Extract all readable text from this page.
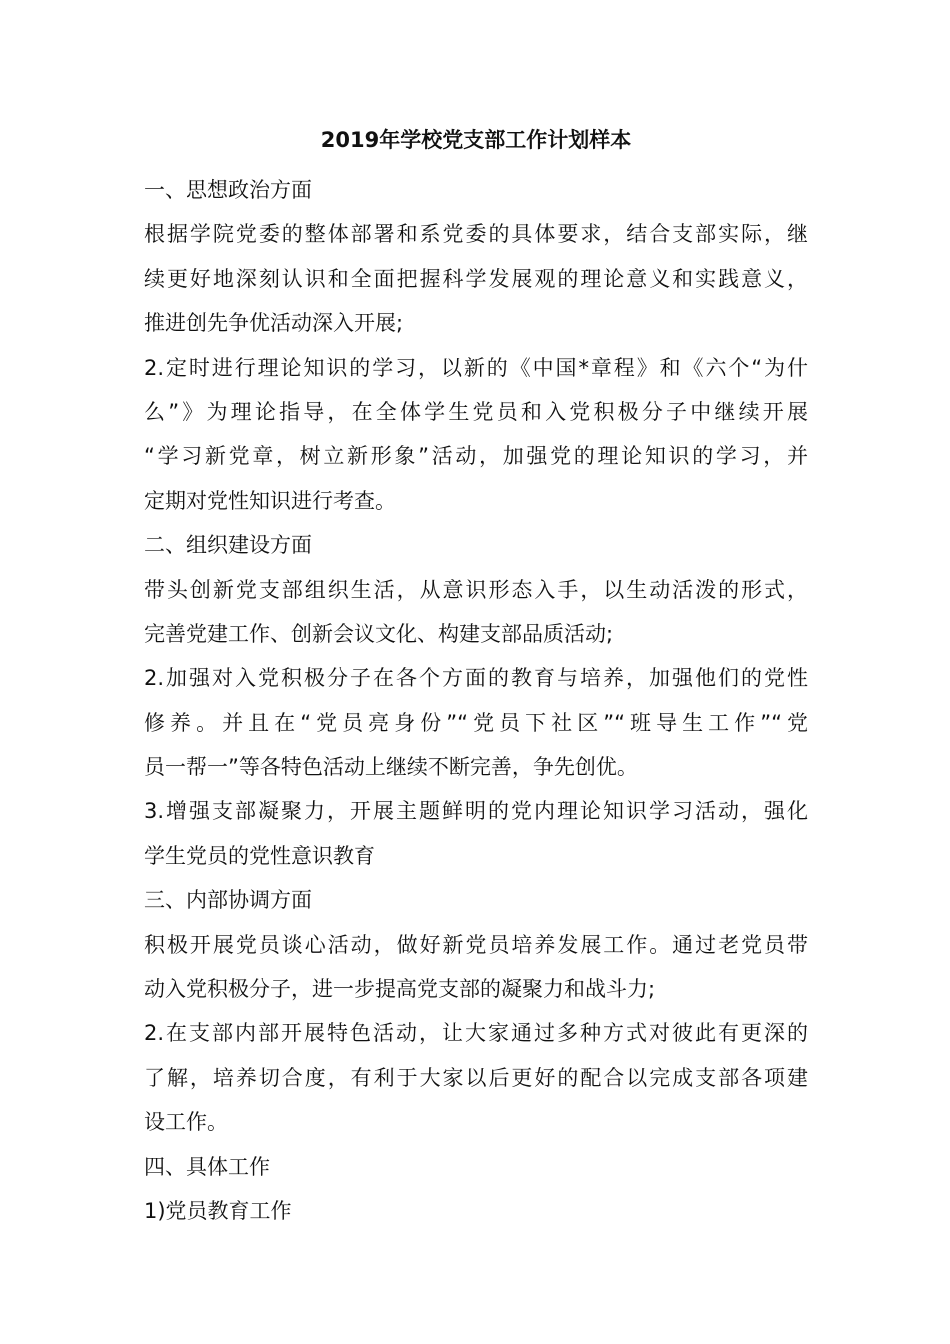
2019年学校党支部工作计划样本
一、思想政治方面
根据学院党委的整体部署和系党委的具体要求，结合支部实际，继
续更好地深刻认识和全面把握科学发展观的理论意义和实践意义，
推进创先争优活动深入开展;
2.定时进行理论知识的学习，以新的《中国*章程》和《六个“为什
么”》为理论指导，在全体学生党员和入党积极分子中继续开展
“学习新党章，树立新形象”活动，加强党的理论知识的学习，并
定期对党性知识进行考查。
二、组织建设方面
带头创新党支部组织生活，从意识形态入手，以生动活泼的形式，
完善党建工作、创新会议文化、构建支部品质活动;
2.加强对入党积极分子在各个方面的教育与培养，加强他们的党性
修养。并且在“党员亮身份”“党员下社区”“班导生工作”“党
员一帮一”等各特色活动上继续不断完善，争先创优。
3.增强支部凝聚力，开展主题鲜明的党内理论知识学习活动，强化
学生党员的党性意识教育
三、内部协调方面
积极开展党员谈心活动，做好新党员培养发展工作。通过老党员带
动入党积极分子，进一步提高党支部的凝聚力和战斗力;
2.在支部内部开展特色活动，让大家通过多种方式对彼此有更深的
了解，培养切合度，有利于大家以后更好的配合以完成支部各项建
设工作。
四、具体工作
1)党员教育工作
